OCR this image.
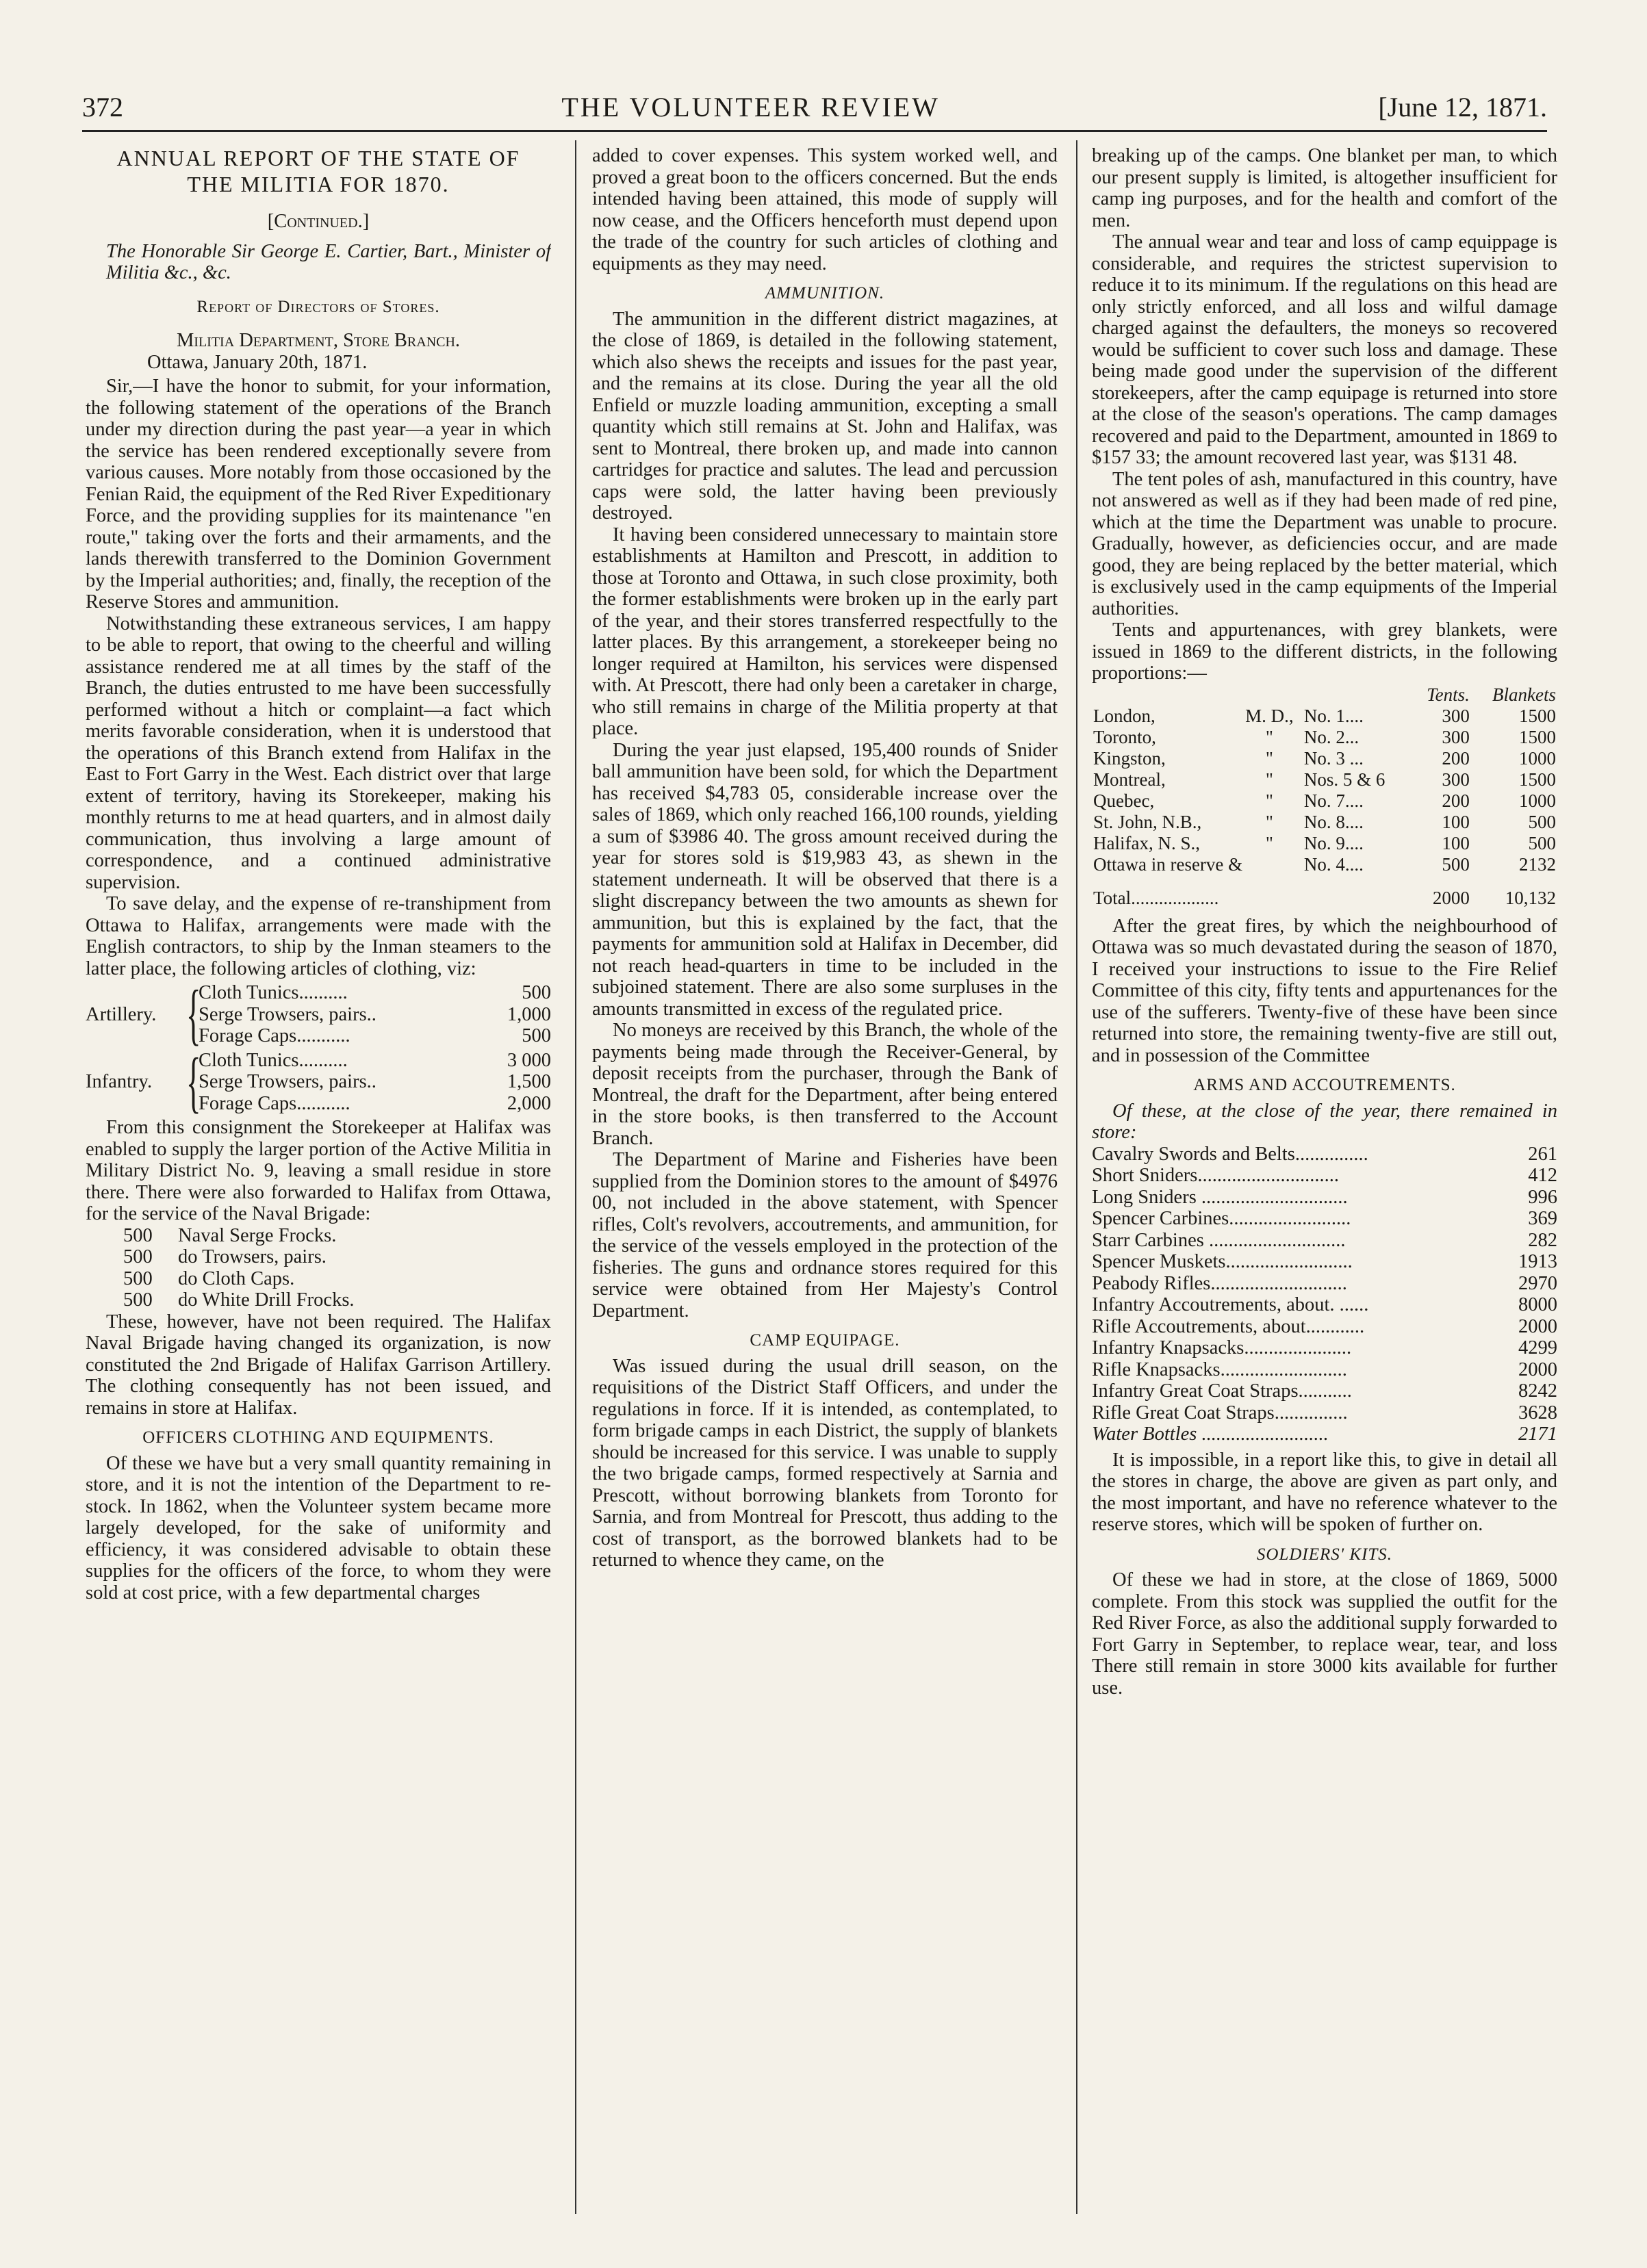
372	THE VOLUNTEER REVIEW	[June 12, 1871.
ANNUAL REPORT OF THE STATE OF
THE MILITIA FOR 1870.

[Continued.]

The Honorable Sir George E. Cartier, Bart., Minister of Militia &c., &c.

Report of Directors of Stores.

Militia Department, Store Branch.

Ottawa, January 20th, 1871.

Sir,—I have the honor to submit, for your information, the following statement of the operations of the Branch under my direction during the past year—a year in which the service has been rendered exceptionally severe from various causes. More notably from those occasioned by the Fenian Raid, the equipment of the Red River Expeditionary Force, and the providing supplies for its maintenance "en route," taking over the forts and their armaments, and the lands therewith transferred to the Dominion Government by the Imperial authorities; and, finally, the reception of the Reserve Stores and ammunition.

Notwithstanding these extraneous services, I am happy to be able to report, that owing to the cheerful and willing assistance rendered me at all times by the staff of the Branch, the duties entrusted to me have been successfully performed without a hitch or complaint—a fact which merits favorable consideration, when it is understood that the operations of this Branch extend from Halifax in the East to Fort Garry in the West. Each district over that large extent of territory, having its Storekeeper, making his monthly returns to me at head quarters, and in almost daily communication, thus involving a large amount of correspondence, and a continued administrative supervision.

To save delay, and the expense of re-transhipment from Ottawa to Halifax, arrangements were made with the English contractors, to ship by the Inman steamers to the latter place, the following articles of clothing, viz:

Artillery. {
Cloth Tunics..........	500
Serge Trowsers, pairs..	1,000
Forage Caps...........	500
Infantry. {
Cloth Tunics..........	3 000
Serge Trowsers, pairs..	1,500
Forage Caps...........	2,000

From this consignment the Storekeeper at Halifax was enabled to supply the larger portion of the Active Militia in Military District No. 9, leaving a small residue in store there. There were also forwarded to Halifax from Ottawa, for the service of the Naval Brigade:

500	Naval Serge Frocks.
500	do Trowsers, pairs.
500	do Cloth Caps.
500	do White Drill Frocks.

These, however, have not been required. The Halifax Naval Brigade having changed its organization, is now constituted the 2nd Brigade of Halifax Garrison Artillery. The clothing consequently has not been issued, and remains in store at Halifax.

OFFICERS CLOTHING AND EQUIPMENTS.

Of these we have but a very small quantity remaining in store, and it is not the intention of the Department to re-stock. In 1862, when the Volunteer system became more largely developed, for the sake of uniformity and efficiency, it was considered advisable to obtain these supplies for the officers of the force, to whom they were sold at cost price, with a few departmental charges

added to cover expenses. This system worked well, and proved a great boon to the officers concerned. But the ends intended having been attained, this mode of supply will now cease, and the Officers henceforth must depend upon the trade of the country for such articles of clothing and equipments as they may need.

AMMUNITION.

The ammunition in the different district magazines, at the close of 1869, is detailed in the following statement, which also shews the receipts and issues for the past year, and the remains at its close. During the year all the old Enfield or muzzle loading ammunition, excepting a small quantity which still remains at St. John and Halifax, was sent to Montreal, there broken up, and made into cannon cartridges for practice and salutes. The lead and percussion caps were sold, the latter having been previously destroyed.

It having been considered unnecessary to maintain store establishments at Hamilton and Prescott, in addition to those at Toronto and Ottawa, in such close proximity, both the former establishments were broken up in the early part of the year, and their stores transferred respectfully to the latter places. By this arrangement, a storekeeper being no longer required at Hamilton, his services were dispensed with. At Prescott, there had only been a caretaker in charge, who still remains in charge of the Militia property at that place.

During the year just elapsed, 195,400 rounds of Snider ball ammunition have been sold, for which the Department has received $4,783 05, considerable increase over the sales of 1869, which only reached 166,100 rounds, yielding a sum of $3986 40. The gross amount received during the year for stores sold is $19,983 43, as shewn in the statement underneath. It will be observed that there is a slight discrepancy between the two amounts as shewn for ammunition, but this is explained by the fact, that the payments for ammunition sold at Halifax in December, did not reach head-quarters in time to be included in the subjoined statement. There are also some surpluses in the amounts transmitted in excess of the regulated price.

No moneys are received by this Branch, the whole of the payments being made through the Receiver-General, by deposit receipts from the purchaser, through the Bank of Montreal, the draft for the Department, after being entered in the store books, is then transferred to the Account Branch.

The Department of Marine and Fisheries have been supplied from the Dominion stores to the amount of $4976 00, not included in the above statement, with Spencer rifles, Colt's revolvers, accoutrements, and ammunition, for the service of the vessels employed in the protection of the fisheries. The guns and ordnance stores required for this service were obtained from Her Majesty's Control Department.

CAMP EQUIPAGE.

Was issued during the usual drill season, on the requisitions of the District Staff Officers, and under the regulations in force. If it is intended, as contemplated, to form brigade camps in each District, the supply of blankets should be increased for this service. I was unable to supply the two brigade camps, formed respectively at Sarnia and Prescott, without borrowing blankets from Toronto for Sarnia, and from Montreal for Prescott, thus adding to the cost of transport, as the borrowed blankets had to be returned to whence they came, on the

breaking up of the camps. One blanket per man, to which our present supply is limited, is altogether insufficient for camp ing purposes, and for the health and comfort of the men.

The annual wear and tear and loss of camp equippage is considerable, and requires the strictest supervision to reduce it to its minimum. If the regulations on this head are only strictly enforced, and all loss and wilful damage charged against the defaulters, the moneys so recovered would be sufficient to cover such loss and damage. These being made good under the supervision of the different storekeepers, after the camp equipage is returned into store at the close of the season's operations. The camp damages recovered and paid to the Department, amounted in 1869 to $157 33; the amount recovered last year, was $131 48.

The tent poles of ash, manufactured in this country, have not answered as well as if they had been made of red pine, which at the time the Department was unable to procure. Gradually, however, as deficiencies occur, and are made good, they are being replaced by the better material, which is exclusively used in the camp equipments of the Imperial authorities.

Tents and appurtenances, with grey blankets, were issued in 1869 to the different districts, in the following proportions:—

			Tents.	Blankets
London,	M. D.,	No. 1....	300	1500
Toronto,	"	No. 2...	300	1500
Kingston,	"	No. 3 ...	200	1000
Montreal,	"	Nos. 5 & 6	300	1500
Quebec,	"	No. 7....	200	1000
St. John, N.B.,	"	No. 8....	100	500
Halifax, N. S.,	"	No. 9....	100	500
Ottawa in reserve &		No. 4....	500	2132
Total...................			2000	10,132

After the great fires, by which the neighbourhood of Ottawa was so much devastated during the season of 1870, I received your instructions to issue to the Fire Relief Committee of this city, fifty tents and appurtenances for the use of the sufferers. Twenty-five of these have been since returned into store, the remaining twenty-five are still out, and in possession of the Committee

ARMS AND ACCOUTREMENTS.

Of these, at the close of the year, there remained in store:

Cavalry Swords and Belts...............	261
Short Sniders.............................	412
Long Sniders ..............................	996
Spencer Carbines.........................	369
Starr Carbines ............................	282
Spencer Muskets..........................	1913
Peabody Rifles............................	2970
Infantry Accoutrements, about. ......	8000
Rifle Accoutrements, about............	2000
Infantry Knapsacks......................	4299
Rifle Knapsacks..........................	2000
Infantry Great Coat Straps...........	8242
Rifle Great Coat Straps...............	3628
Water Bottles ..........................	2171

It is impossible, in a report like this, to give in detail all the stores in charge, the above are given as part only, and the most important, and have no reference whatever to the reserve stores, which will be spoken of further on.

SOLDIERS' KITS.

Of these we had in store, at the close of 1869, 5000 complete. From this stock was supplied the outfit for the Red River Force, as also the additional supply forwarded to Fort Garry in September, to replace wear, tear, and loss There still remain in store 3000 kits available for further use.
